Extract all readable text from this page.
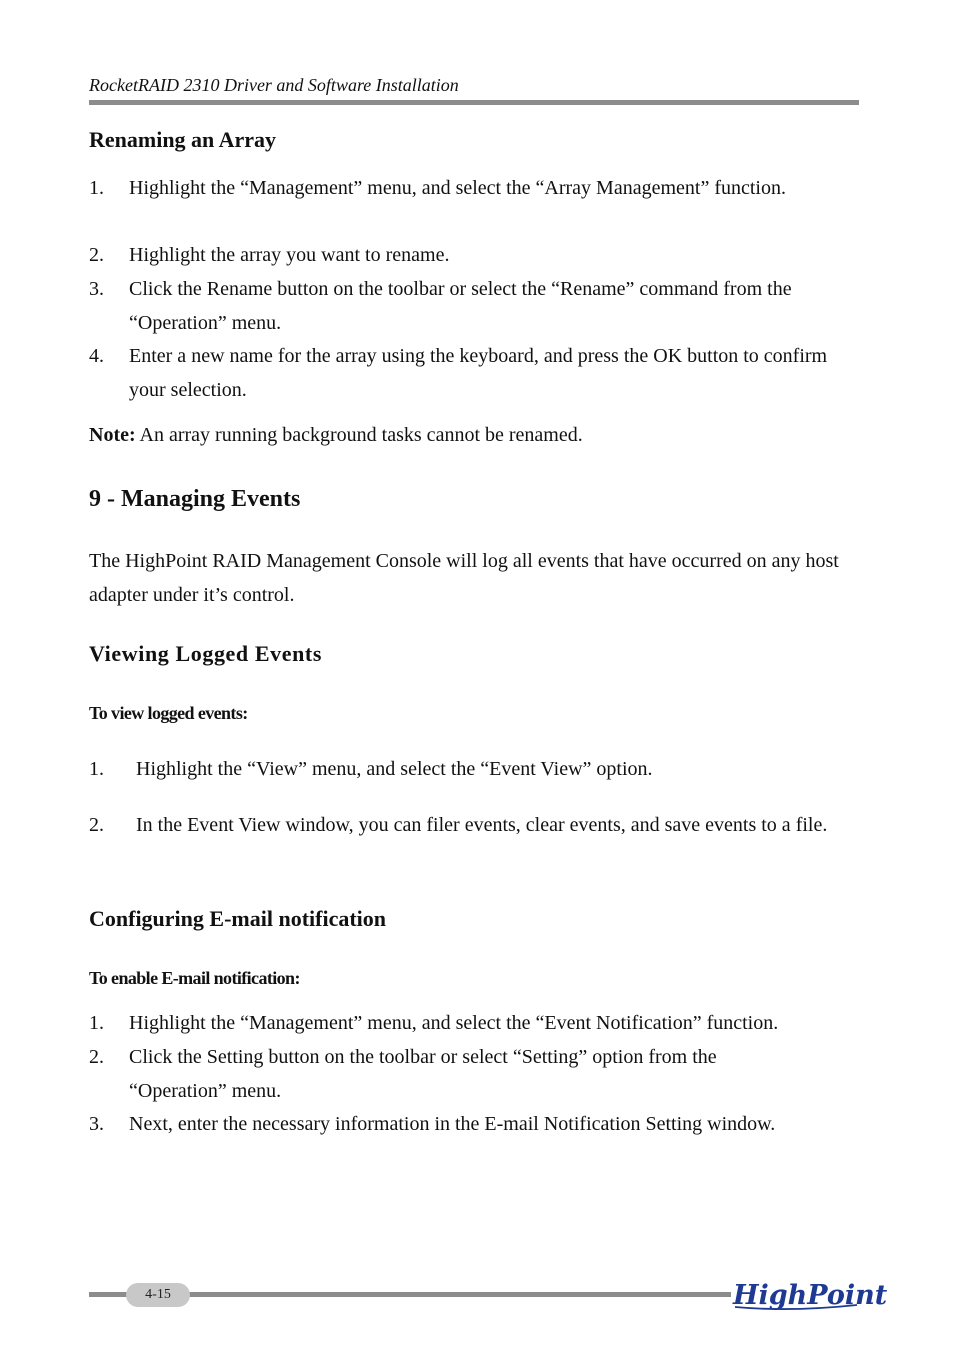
RocketRAID 2310 Driver and Software Installation
Renaming an Array
1. Highlight the “Management” menu, and select the “Array Management” function.
2. Highlight the array you want to rename.
3. Click the Rename button on the toolbar or select the “Rename” command from the “Operation” menu.
4. Enter a new name for the array using the keyboard, and press the OK button to confirm your selection.
Note: An array running background tasks cannot be renamed.
9 - Managing Events
The HighPoint RAID Management Console will log all events that have occurred on any host adapter under it’s control.
Viewing Logged Events
To view logged events:
1. Highlight the “View” menu, and select the “Event View” option.
2. In the Event View window, you can filer events, clear events, and save events to a file.
Configuring E-mail notification
To enable E-mail notification:
1. Highlight the “Management” menu, and select the “Event Notification” function.
2. Click the Setting button on the toolbar or select “Setting” option from the “Operation” menu.
3. Next, enter the necessary information in the E-mail Notification Setting window.
4-15	HighPoint
